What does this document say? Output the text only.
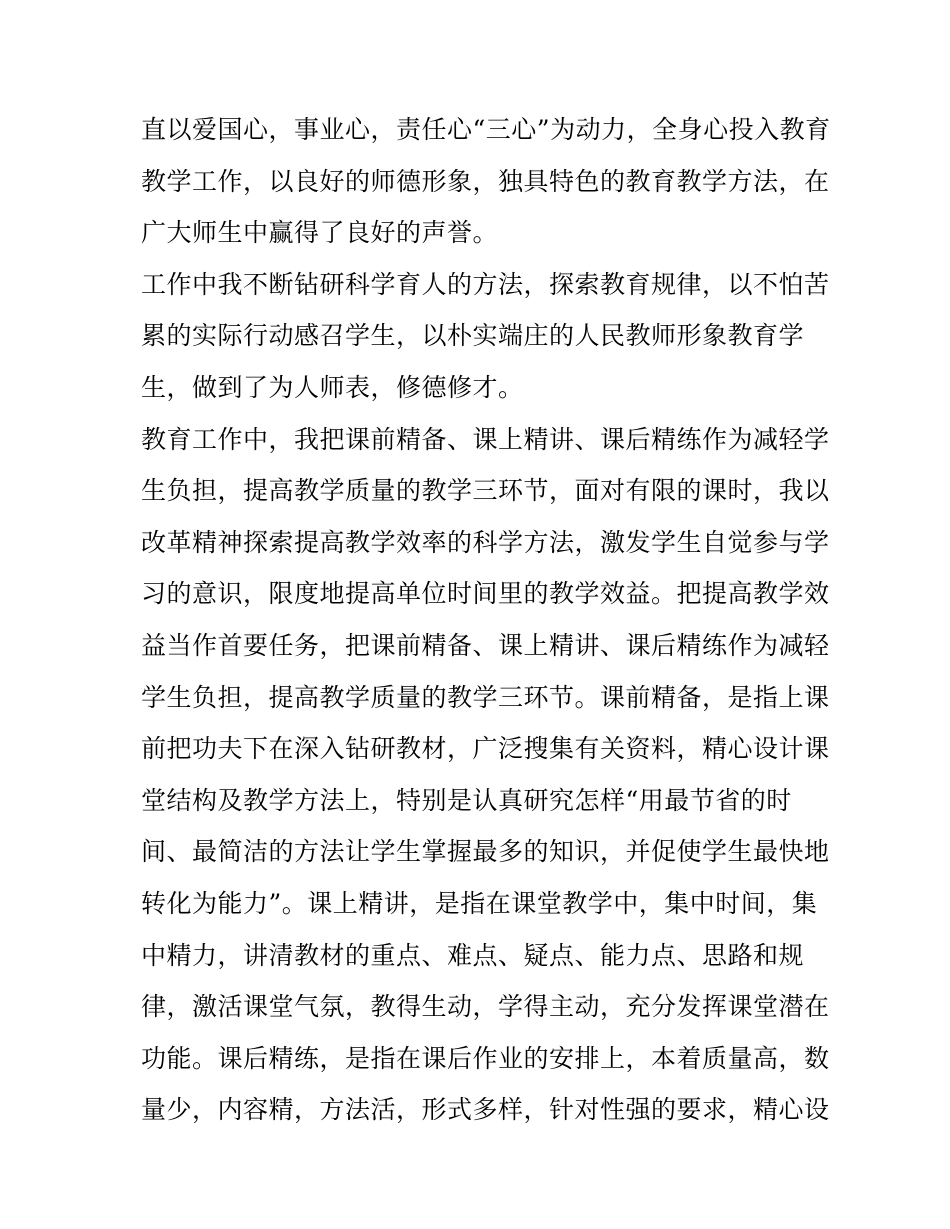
直以爱国心，事业心，责任心“三心”为动力，全身心投入教育
教学工作，以良好的师德形象，独具特色的教育教学方法，在
广大师生中赢得了良好的声誉。
工作中我不断钻研科学育人的方法，探索教育规律，以不怕苦
累的实际行动感召学生，以朴实端庄的人民教师形象教育学
生，做到了为人师表，修德修才。
教育工作中，我把课前精备、课上精讲、课后精练作为减轻学
生负担，提高教学质量的教学三环节，面对有限的课时，我以
改革精神探索提高教学效率的科学方法，激发学生自觉参与学
习的意识，限度地提高单位时间里的教学效益。把提高教学效
益当作首要任务，把课前精备、课上精讲、课后精练作为减轻
学生负担，提高教学质量的教学三环节。课前精备，是指上课
前把功夫下在深入钻研教材，广泛搜集有关资料，精心设计课
堂结构及教学方法上，特别是认真研究怎样“用最节省的时
间、最简洁的方法让学生掌握最多的知识，并促使学生最快地
转化为能力”。课上精讲，是指在课堂教学中，集中时间，集
中精力，讲清教材的重点、难点、疑点、能力点、思路和规
律，激活课堂气氛，教得生动，学得主动，充分发挥课堂潜在
功能。课后精练，是指在课后作业的安排上，本着质量高，数
量少，内容精，方法活，形式多样，针对性强的要求，精心设
